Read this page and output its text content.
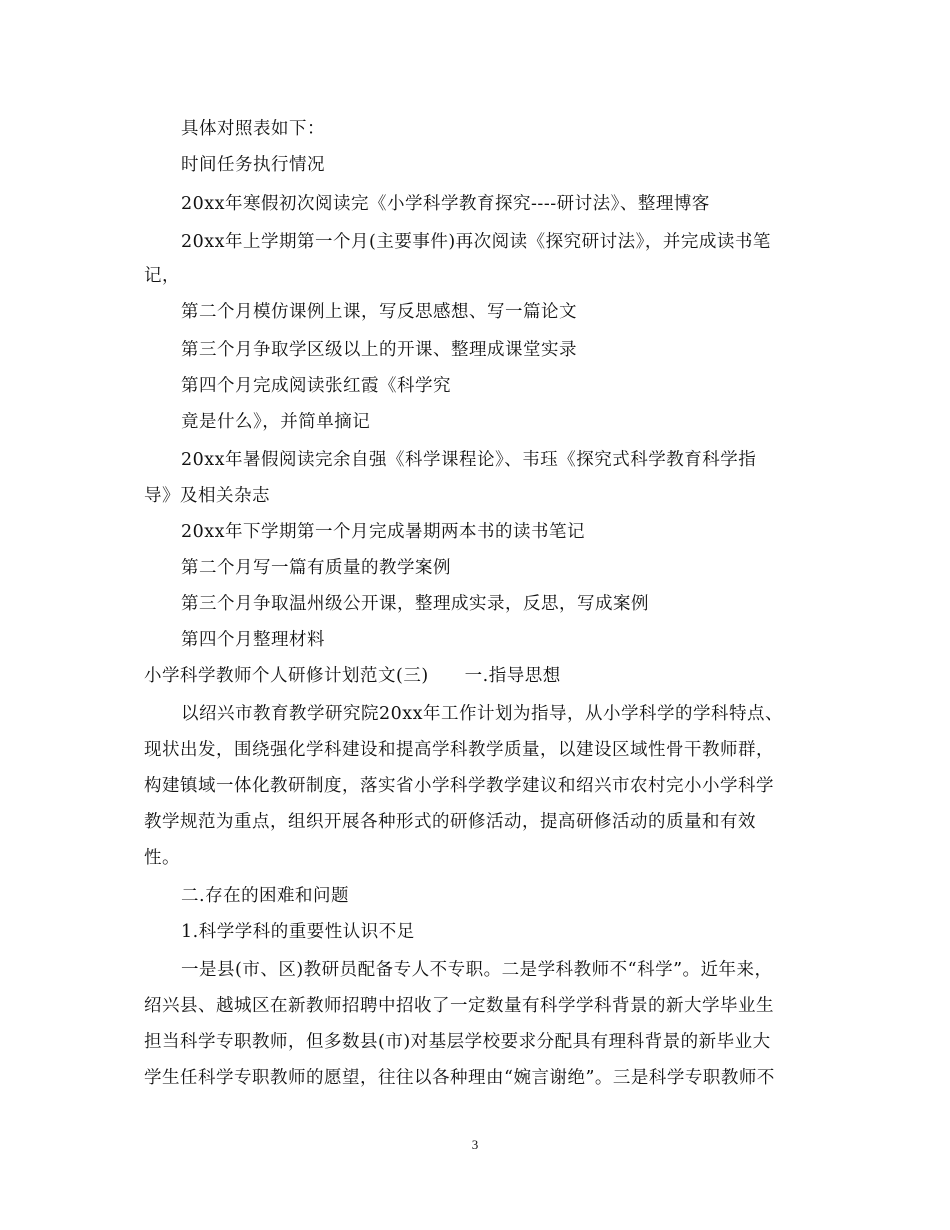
具体对照表如下：
时间任务执行情况
20xx年寒假初次阅读完《小学科学教育探究----研讨法》、整理博客
20xx年上学期第一个月(主要事件)再次阅读《探究研讨法》，并完成读书笔
记，
第二个月模仿课例上课，写反思感想、写一篇论文
第三个月争取学区级以上的开课、整理成课堂实录
第四个月完成阅读张红霞《科学究
竟是什么》，并简单摘记
20xx年暑假阅读完余自强《科学课程论》、韦珏《探究式科学教育科学指
导》及相关杂志
20xx年下学期第一个月完成暑期两本书的读书笔记
第二个月写一篇有质量的教学案例
第三个月争取温州级公开课，整理成实录，反思，写成案例
第四个月整理材料
小学科学教师个人研修计划范文(三)　　一.指导思想
以绍兴市教育教学研究院20xx年工作计划为指导，从小学科学的学科特点、
现状出发，围绕强化学科建设和提高学科教学质量，以建设区域性骨干教师群，
构建镇域一体化教研制度，落实省小学科学教学建议和绍兴市农村完小小学科学
教学规范为重点，组织开展各种形式的研修活动，提高研修活动的质量和有效
性。
二.存在的困难和问题
1.科学学科的重要性认识不足
一是县(市、区)教研员配备专人不专职。二是学科教师不“科学”。近年来，
绍兴县、越城区在新教师招聘中招收了一定数量有科学学科背景的新大学毕业生
担当科学专职教师，但多数县(市)对基层学校要求分配具有理科背景的新毕业大
学生任科学专职教师的愿望，往往以各种理由“婉言谢绝”。三是科学专职教师不
3
